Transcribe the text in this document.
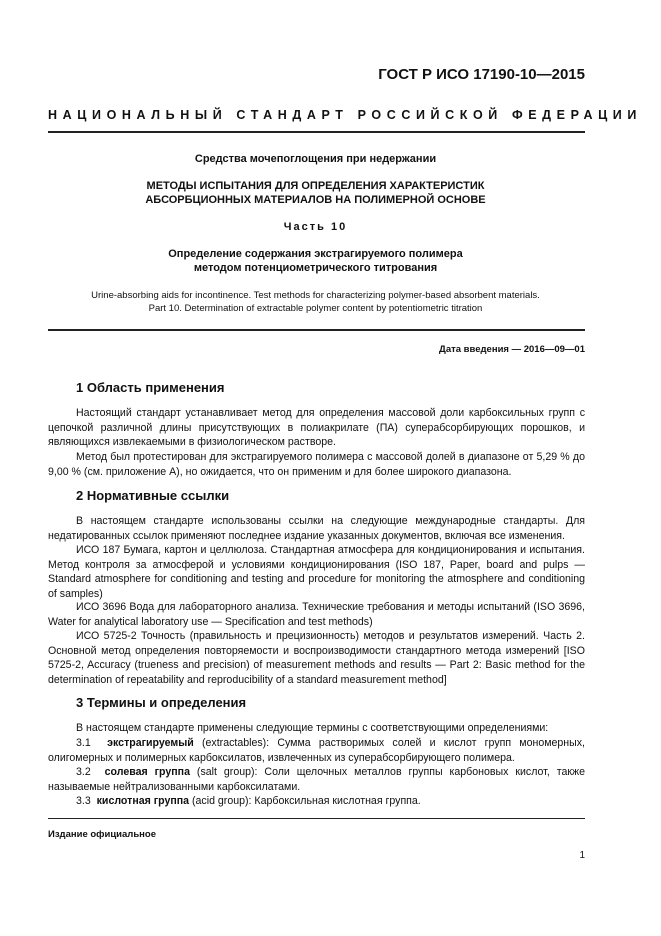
ГОСТ Р ИСО 17190-10—2015
НАЦИОНАЛЬНЫЙ СТАНДАРТ РОССИЙСКОЙ ФЕДЕРАЦИИ
Средства мочепоглощения при недержании
МЕТОДЫ ИСПЫТАНИЯ ДЛЯ ОПРЕДЕЛЕНИЯ ХАРАКТЕРИСТИК
АБСОРБЦИОННЫХ МАТЕРИАЛОВ НА ПОЛИМЕРНОЙ ОСНОВЕ
Часть 10
Определение содержания экстрагируемого полимера
методом потенциометрического титрования
Urine-absorbing aids for incontinence. Test methods for characterizing polymer-based absorbent materials.
Part 10. Determination of extractable polymer content by potentiometric titration
Дата введения — 2016—09—01
1 Область применения
Настоящий стандарт устанавливает метод для определения массовой доли карбоксильных групп с цепочкой различной длины присутствующих в полиакрилате (ПА) суперабсорбирующих порошков, и являющихся извлекаемыми в физиологическом растворе.
Метод был протестирован для экстрагируемого полимера с массовой долей в диапазоне от 5,29 % до 9,00 % (см. приложение А), но ожидается, что он применим и для более широкого диапазона.
2 Нормативные ссылки
В настоящем стандарте использованы ссылки на следующие международные стандарты. Для недатированных ссылок применяют последнее издание указанных документов, включая все изменения.
ИСО 187 Бумага, картон и целлюлоза. Стандартная атмосфера для кондиционирования и испытания. Метод контроля за атмосферой и условиями кондиционирования (ISO 187, Paper, board and pulps — Standard atmosphere for conditioning and testing and procedure for monitoring the atmosphere and conditioning of samples)
ИСО 3696 Вода для лабораторного анализа. Технические требования и методы испытаний (ISO 3696, Water for analytical laboratory use — Specification and test methods)
ИСО 5725-2 Точность (правильность и прецизионность) методов и результатов измерений. Часть 2. Основной метод определения повторяемости и воспроизводимости стандартного метода измерений [ISO 5725-2, Accuracy (trueness and precision) of measurement methods and results — Part 2: Basic method for the determination of repeatability and reproducibility of a standard measurement method]
3 Термины и определения
В настоящем стандарте применены следующие термины с соответствующими определениями:
3.1 экстрагируемый (extractables): Сумма растворимых солей и кислот групп мономерных, олигомерных и полимерных карбоксилатов, извлеченных из суперабсорбирующего полимера.
3.2 солевая группа (salt group): Соли щелочных металлов группы карбоновых кислот, также называемые нейтрализованными карбоксилатами.
3.3 кислотная группа (acid group): Карбоксильная кислотная группа.
Издание официальное
1
